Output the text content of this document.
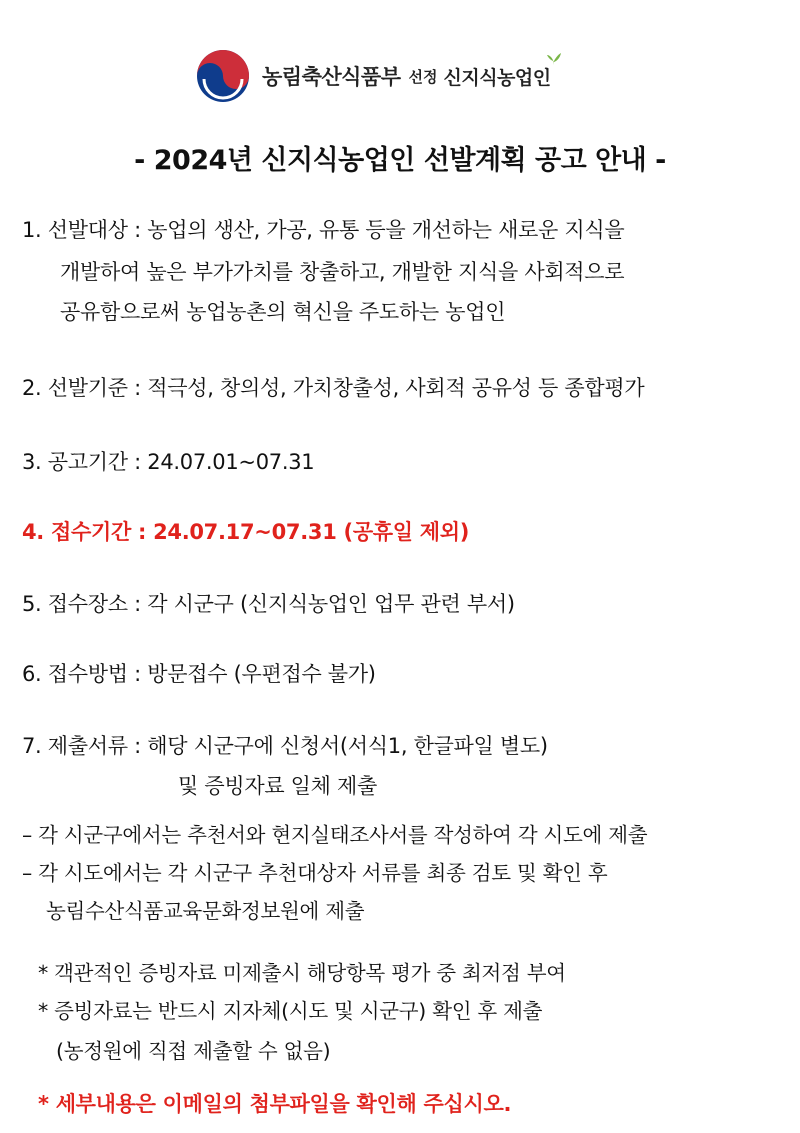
농림축산식품부 선정 신지식농업인
- 2024년 신지식농업인 선발계획 공고 안내 -
1. 선발대상 : 농업의 생산, 가공, 유통 등을 개선하는 새로운 지식을
개발하여 높은 부가가치를 창출하고, 개발한 지식을 사회적으로
공유함으로써 농업농촌의 혁신을 주도하는 농업인
2. 선발기준 : 적극성, 창의성, 가치창출성, 사회적 공유성 등 종합평가
3. 공고기간 : 24.07.01~07.31
4. 접수기간 : 24.07.17~07.31 (공휴일 제외)
5. 접수장소 : 각 시군구 (신지식농업인 업무 관련 부서)
6. 접수방법 : 방문접수 (우편접수 불가)
7. 제출서류 : 해당 시군구에 신청서(서식1, 한글파일 별도)
및 증빙자료 일체 제출
– 각 시군구에서는 추천서와 현지실태조사서를 작성하여 각 시도에 제출
– 각 시도에서는 각 시군구 추천대상자 서류를 최종 검토 및 확인 후
농림수산식품교육문화정보원에 제출
* 객관적인 증빙자료 미제출시 해당항목 평가 중 최저점 부여
* 증빙자료는 반드시 지자체(시도 및 시군구) 확인 후 제출
(농정원에 직접 제출할 수 없음)
* 세부내용은 이메일의 첨부파일을 확인해 주십시오.
